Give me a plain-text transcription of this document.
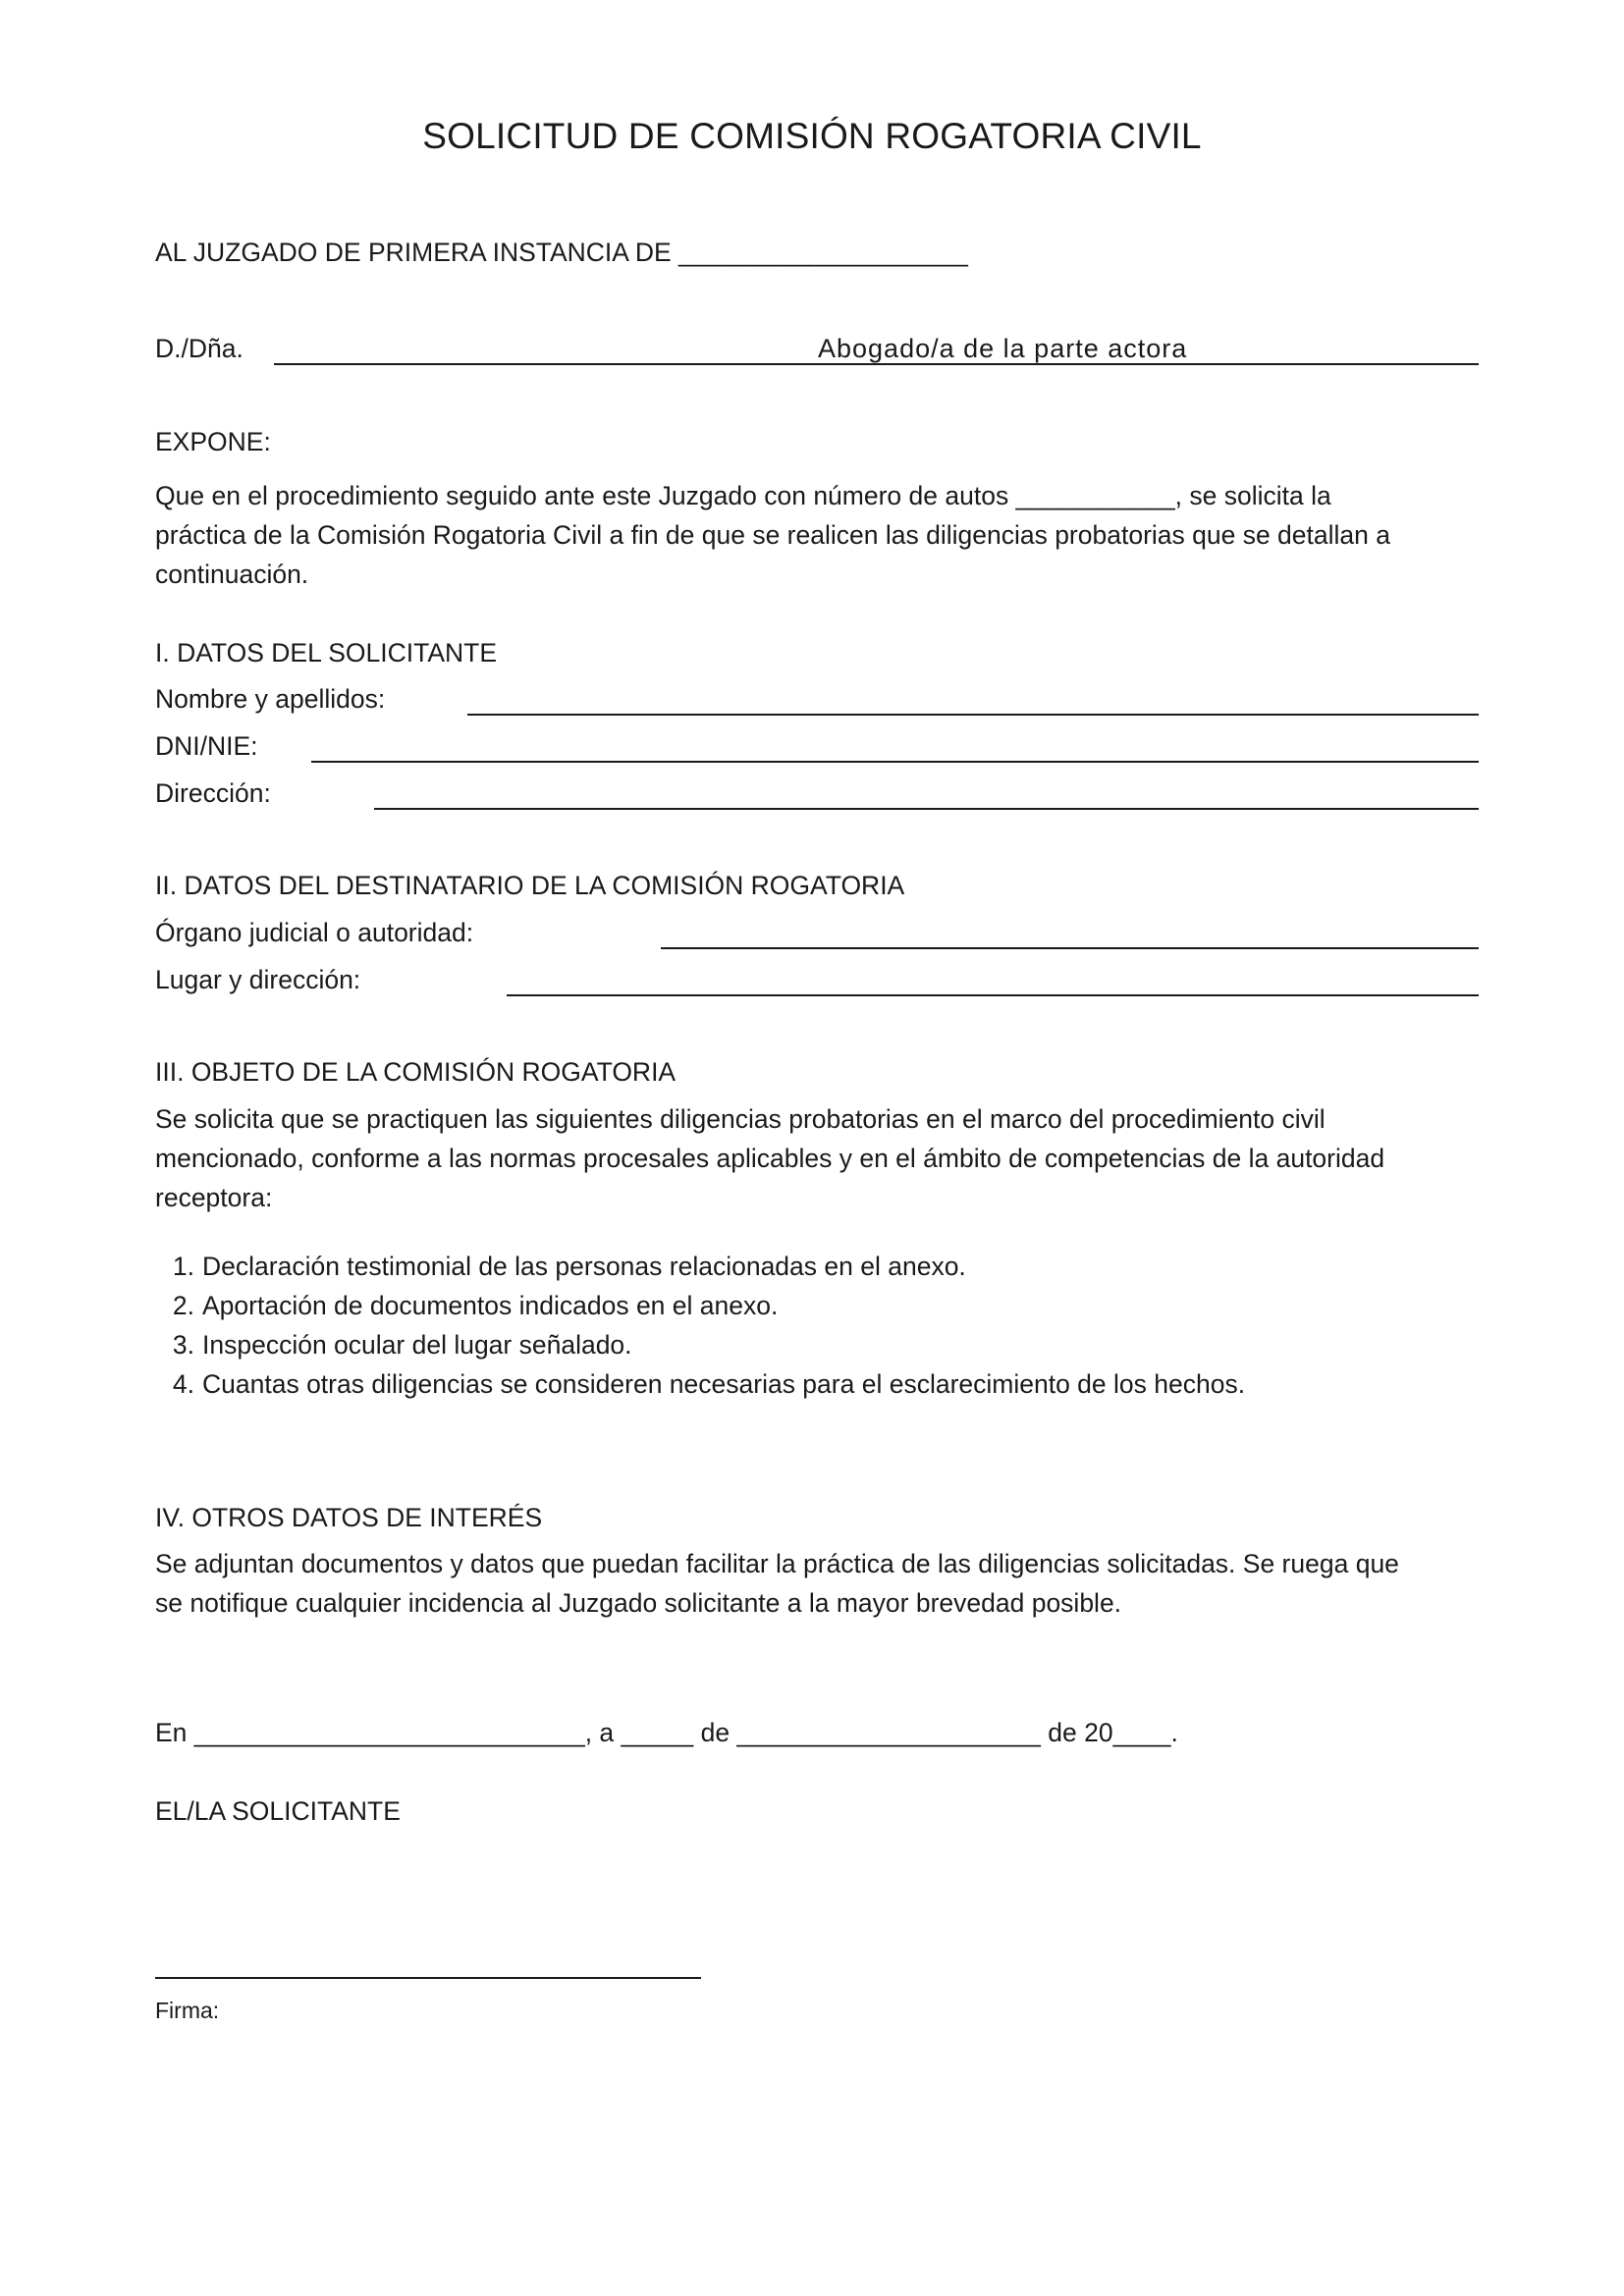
SOLICITUD DE COMISIÓN ROGATORIA CIVIL
AL JUZGADO DE PRIMERA INSTANCIA DE ____________________
D./Dña.	Abogado/a de la parte actora
EXPONE:
Que en el procedimiento seguido ante este Juzgado con número de autos ___________, se solicita la
práctica de la Comisión Rogatoria Civil a fin de que se realicen las diligencias probatorias que se detallan a
continuación.
I. DATOS DEL SOLICITANTE
Nombre y apellidos:
DNI/NIE:
Dirección:
II. DATOS DEL DESTINATARIO DE LA COMISIÓN ROGATORIA
Órgano judicial o autoridad:
Lugar y dirección:
III. OBJETO DE LA COMISIÓN ROGATORIA
Se solicita que se practiquen las siguientes diligencias probatorias en el marco del procedimiento civil
mencionado, conforme a las normas procesales aplicables y en el ámbito de competencias de la autoridad
receptora:
1. Declaración testimonial de las personas relacionadas en el anexo.
2. Aportación de documentos indicados en el anexo.
3. Inspección ocular del lugar señalado.
4. Cuantas otras diligencias se consideren necesarias para el esclarecimiento de los hechos.
IV. OTROS DATOS DE INTERÉS
Se adjuntan documentos y datos que puedan facilitar la práctica de las diligencias solicitadas. Se ruega que
se notifique cualquier incidencia al Juzgado solicitante a la mayor brevedad posible.
En ___________________________, a _____ de _____________________ de 20____.
EL/LA SOLICITANTE
Firma:
